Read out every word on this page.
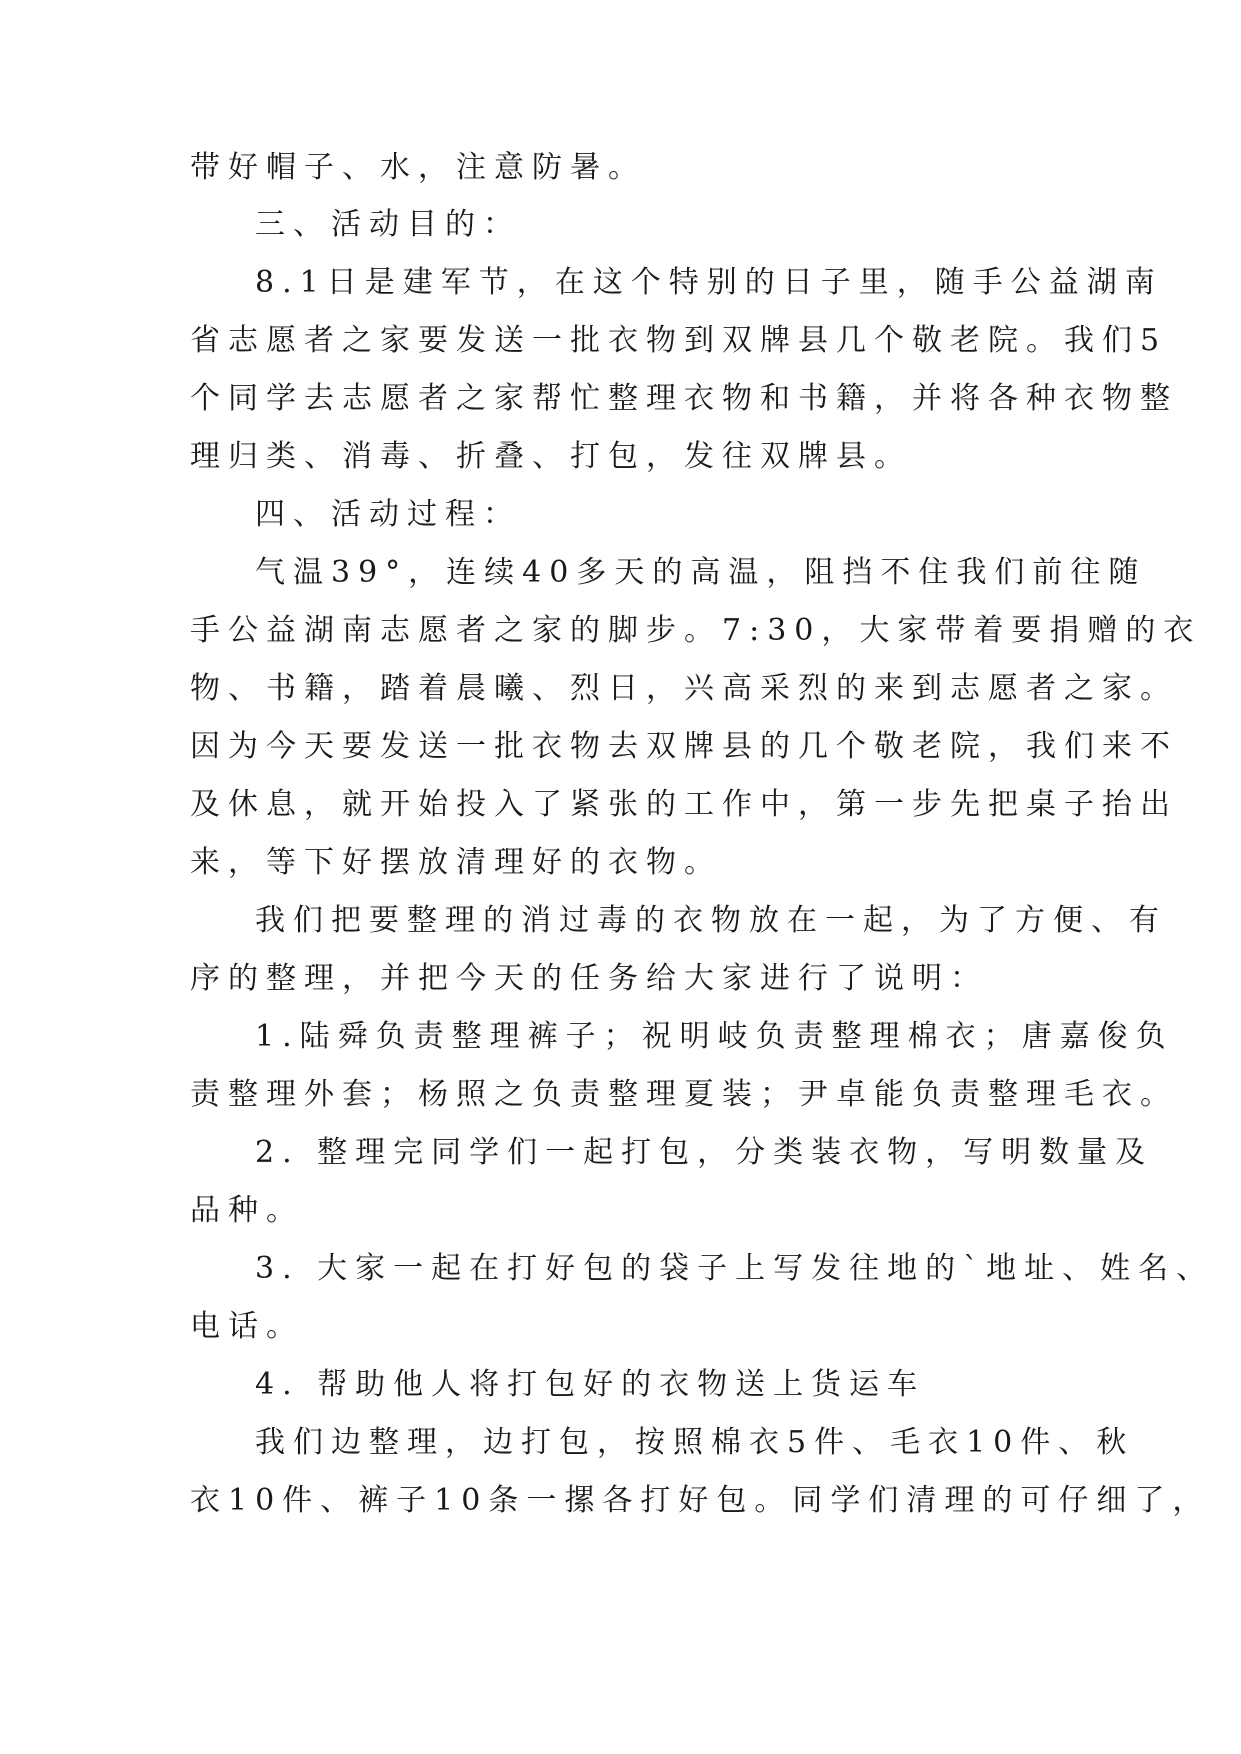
带好帽子、水，注意防暑。
三、活动目的：
8.1日是建军节，在这个特别的日子里，随手公益湖南
省志愿者之家要发送一批衣物到双牌县几个敬老院。我们5
个同学去志愿者之家帮忙整理衣物和书籍，并将各种衣物整
理归类、消毒、折叠、打包，发往双牌县。
四、活动过程：
气温39°，连续40多天的高温，阻挡不住我们前往随
手公益湖南志愿者之家的脚步。7:30，大家带着要捐赠的衣
物、书籍，踏着晨曦、烈日，兴高采烈的来到志愿者之家。
因为今天要发送一批衣物去双牌县的几个敬老院，我们来不
及休息，就开始投入了紧张的工作中，第一步先把桌子抬出
来，等下好摆放清理好的衣物。
我们把要整理的消过毒的衣物放在一起，为了方便、有
序的整理，并把今天的任务给大家进行了说明：
1.陆舜负责整理裤子；祝明岐负责整理棉衣；唐嘉俊负
责整理外套；杨照之负责整理夏装；尹卓能负责整理毛衣。
2. 整理完同学们一起打包，分类装衣物，写明数量及
品种。
3. 大家一起在打好包的袋子上写发往地的`地址、姓名、
电话。
4. 帮助他人将打包好的衣物送上货运车
我们边整理，边打包，按照棉衣5件、毛衣10件、秋
衣10件、裤子10条一摞各打好包。同学们清理的可仔细了，
